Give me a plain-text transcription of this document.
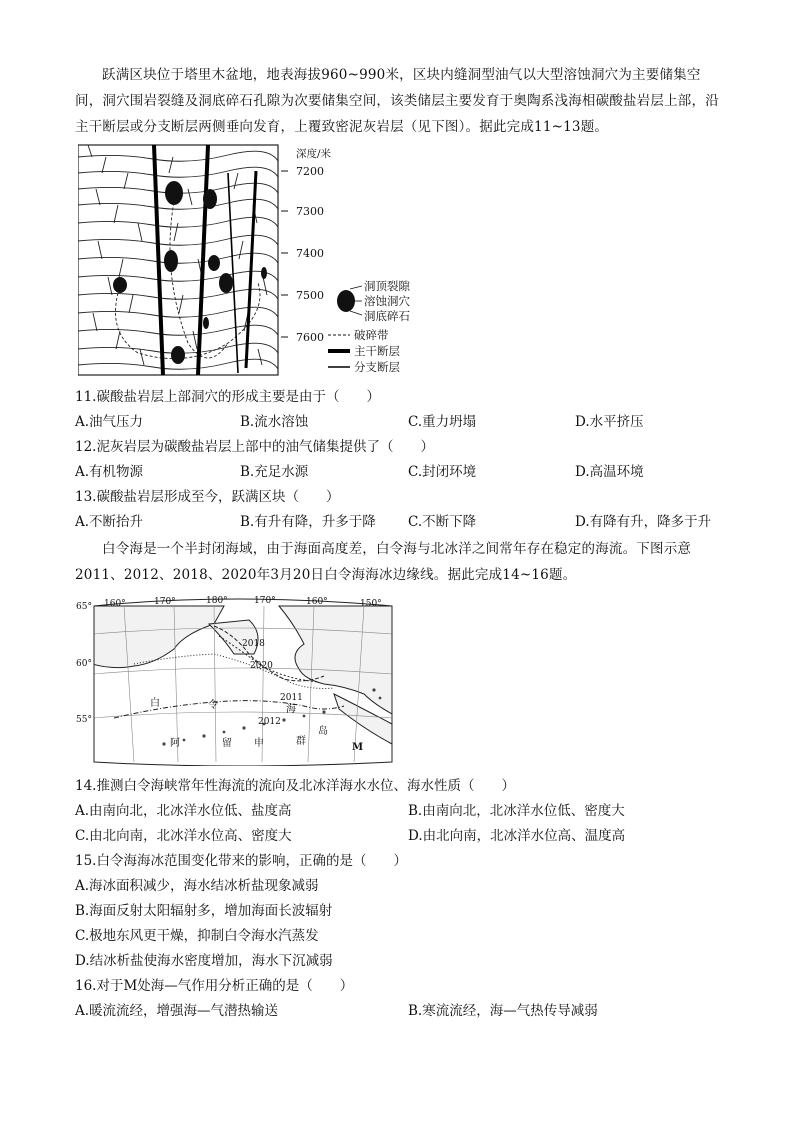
跃满区块位于塔里木盆地，地表海拔960~990米，区块内缝洞型油气以大型溶蚀洞穴为主要储集空间，洞穴围岩裂缝及洞底碎石孔隙为次要储集空间，该类储层主要发育于奥陶系浅海相碳酸盐岩层上部，沿主干断层或分支断层两侧垂向发育，上覆致密泥灰岩层（见下图）。据此完成11~13题。
深度/米
7200
7300
7400
7500
7600
洞顶裂隙
溶蚀洞穴
洞底碎石
破碎带
主干断层
分支断层
11.碳酸盐岩层上部洞穴的形成主要是由于（　　）
A.油气压力	B.流水溶蚀	C.重力坍塌	D.水平挤压
12.泥灰岩层为碳酸盐岩层上部中的油气储集提供了（　　）
A.有机物源	B.充足水源	C.封闭环境	D.高温环境
13.碳酸盐岩层形成至今，跃满区块（　　）
A.不断抬升	B.有升有降，升多于降 C.不断下降	D.有降有升，降多于升
白令海是一个半封闭海域，由于海面高度差，白令海与北冰洋之间常年存在稳定的海流。下图示意2011、2012、2018、2020年3月20日白令海海冰边缘线。据此完成14~16题。
160°	170°	180°	170°	160°	150°
65°
60°
55°
2018
2020
2011
2012
白	令	海
阿	留 申	群
岛
M
14.推测白令海峡常年性海流的流向及北冰洋海水水位、海水性质（　　）
A.由南向北，北冰洋水位低、盐度高	B.由南向北，北冰洋水位低、密度大
C.由北向南，北冰洋水位高、密度大	D.由北向南，北冰洋水位高、温度高
15.白令海海冰范围变化带来的影响，正确的是（　　）
A.海冰面积减少，海水结冰析盐现象减弱
B.海面反射太阳辐射多，增加海面长波辐射
C.极地东风更干燥，抑制白令海水汽蒸发
D.结冰析盐使海水密度增加，海水下沉减弱
16.对于M处海—气作用分析正确的是（　　）
A.暖流流经，增强海—气潜热输送	B.寒流流经，海—气热传导减弱
